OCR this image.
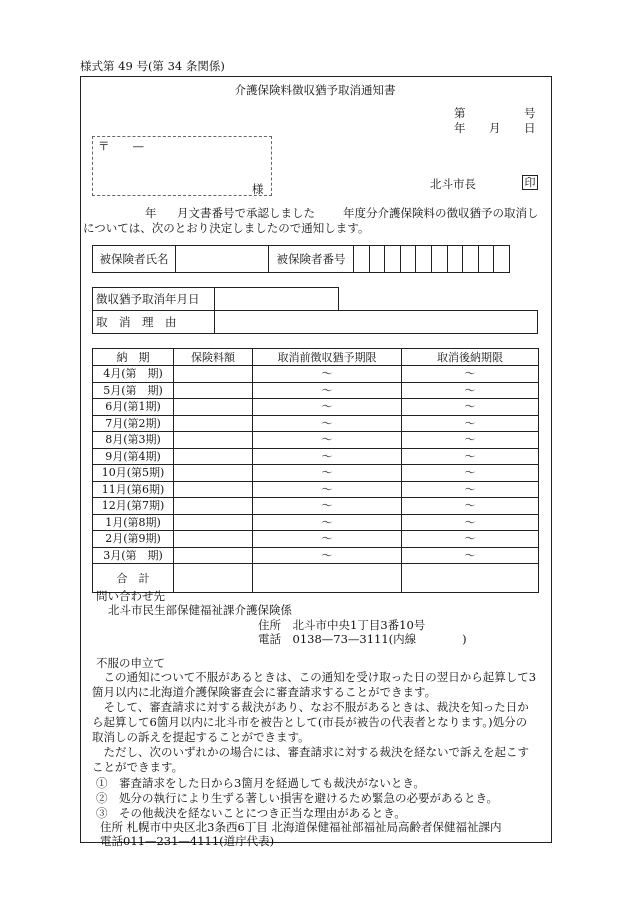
様式第 49 号(第 34 条関係)
介護保険料徴収猶予取消通知書
第	号
年 月 日
〒　　—
様	北斗市長	印
年 月文書番号で承認しました 年度分介護保険料の徴収猶予の取消し
については、次のとおり決定しましたので通知します。
被保険者氏名		被保険者番号										
徴収猶予取消年月日	
取　消　理　由	
納　期	保険料額	取消前徴収猶予期限	取消後納期限
4月(第　期)		～	～
5月(第　期)		～	～
6月(第1期)		～	～
7月(第2期)		～	～
8月(第3期)		～	～
9月(第4期)		～	～
10月(第5期)		～	～
11月(第6期)		～	～
12月(第7期)		～	～
1月(第8期)		～	～
2月(第9期)		～	～
3月(第　期)		～	～
合　計			
問い合わせ先
北斗市民生部保健福祉課介護保険係
住所　北斗市中央1丁目3番10号
電話　0138—73—3111(内線　　　　)
不服の申立て
　この通知について不服があるときは、この通知を受け取った日の翌日から起算して3箇月以内に北海道介護保険審査会に審査請求することができます。
　そして、審査請求に対する裁決があり、なお不服があるときは、裁決を知った日から起算して6箇月以内に北斗市を被告として(市長が被告の代表者となります。)処分の取消しの訴えを提起することができます。
　ただし、次のいずれかの場合には、審査請求に対する裁決を経ないで訴えを起こすことができます。
①　審査請求をした日から3箇月を経過しても裁決がないとき。
②　処分の執行により生ずる著しい損害を避けるため緊急の必要があるとき。
③　その他裁決を経ないことにつき正当な理由があるとき。
住所 札幌市中央区北3条西6丁目 北海道保健福祉部福祉局高齢者保健福祉課内
電話011—231—4111(道庁代表)
